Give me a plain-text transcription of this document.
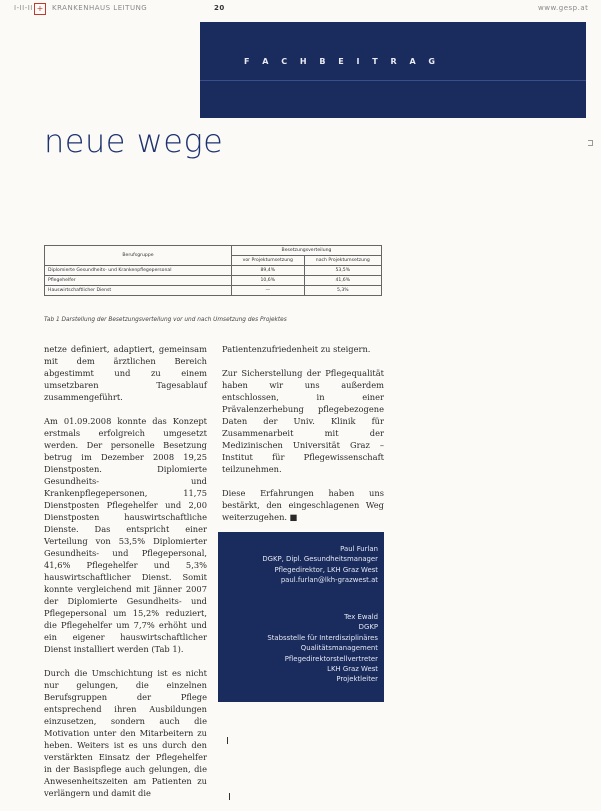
I-II-II +	KRANKENHAUS LEITUNG	20	www.gesp.at
F A C H B E I T R A G
neue wege
Berufsgruppe	Besetzungsverteilung	
	vor Projektumsetzung	nach Projektumsetzung
Diplomierte Gesundheits- und Krankenpflegepersonal	89,4%	53,5%
Pflegehelfer	10,6%	41,6%
Hauswirtschaftlicher Dienst	—	5,3%
Tab 1 Darstellung der Besetzungsverteilung vor und nach Umsetzung des Projektes

netze definiert, adaptiert, gemeinsam mit dem ärztlichen Bereich abgestimmt und zu einem umsetzbaren Tagesablauf zusammengeführt.

Am 01.09.2008 konnte das Konzept erstmals erfolgreich umgesetzt werden. Der personelle Besetzung betrug im Dezember 2008 19,25 Dienstposten. Diplomierte Gesundheits- und Krankenpflegepersonen, 11,75 Dienstposten Pflegehelfer und 2,00 Dienstposten hauswirtschaftliche Dienste. Das entspricht einer Verteilung von 53,5% Diplomierter Gesundheits- und Pflegepersonal, 41,6% Pflegehelfer und 5,3% hauswirtschaftlicher Dienst. Somit konnte vergleichend mit Jänner 2007 der Diplomierte Gesundheits- und Pflegepersonal um 15,2% reduziert, die Pflegehelfer um 7,7% erhöht und ein eigener hauswirtschaftlicher Dienst installiert werden (Tab 1).

Durch die Umschichtung ist es nicht nur gelungen, die einzelnen Berufsgruppen der Pflege entsprechend ihren Ausbildungen einzusetzen, sondern auch die Motivation unter den Mitarbeitern zu heben. Weiters ist es uns durch den verstärkten Einsatz der Pflegehelfer in der Basispflege auch gelungen, die Anwesenheitszeiten am Patienten zu verlängern und damit die

Patientenzufriedenheit zu steigern.

Zur Sicherstellung der Pflegequalität haben wir uns außerdem entschlossen, in einer Prävalenzerhebung pflegebezogene Daten der Univ. Klinik für Zusammenarbeit mit der Medizinischen Universität Graz – Institut für Pflegewissenschaft teilzunehmen.

Diese Erfahrungen haben uns bestärkt, den eingeschlagenen Weg weiterzugehen. ■

Paul Furlan
DGKP, Dipl. Gesundheitsmanager
Pflegedirektor, LKH Graz West
paul.furlan@lkh-grazwest.at
Tex Ewald
DGKP
Stabsstelle für Interdisziplinäres
Qualitätsmanagement
Pflegedirektorstellvertreter
LKH Graz West
Projektleiter
